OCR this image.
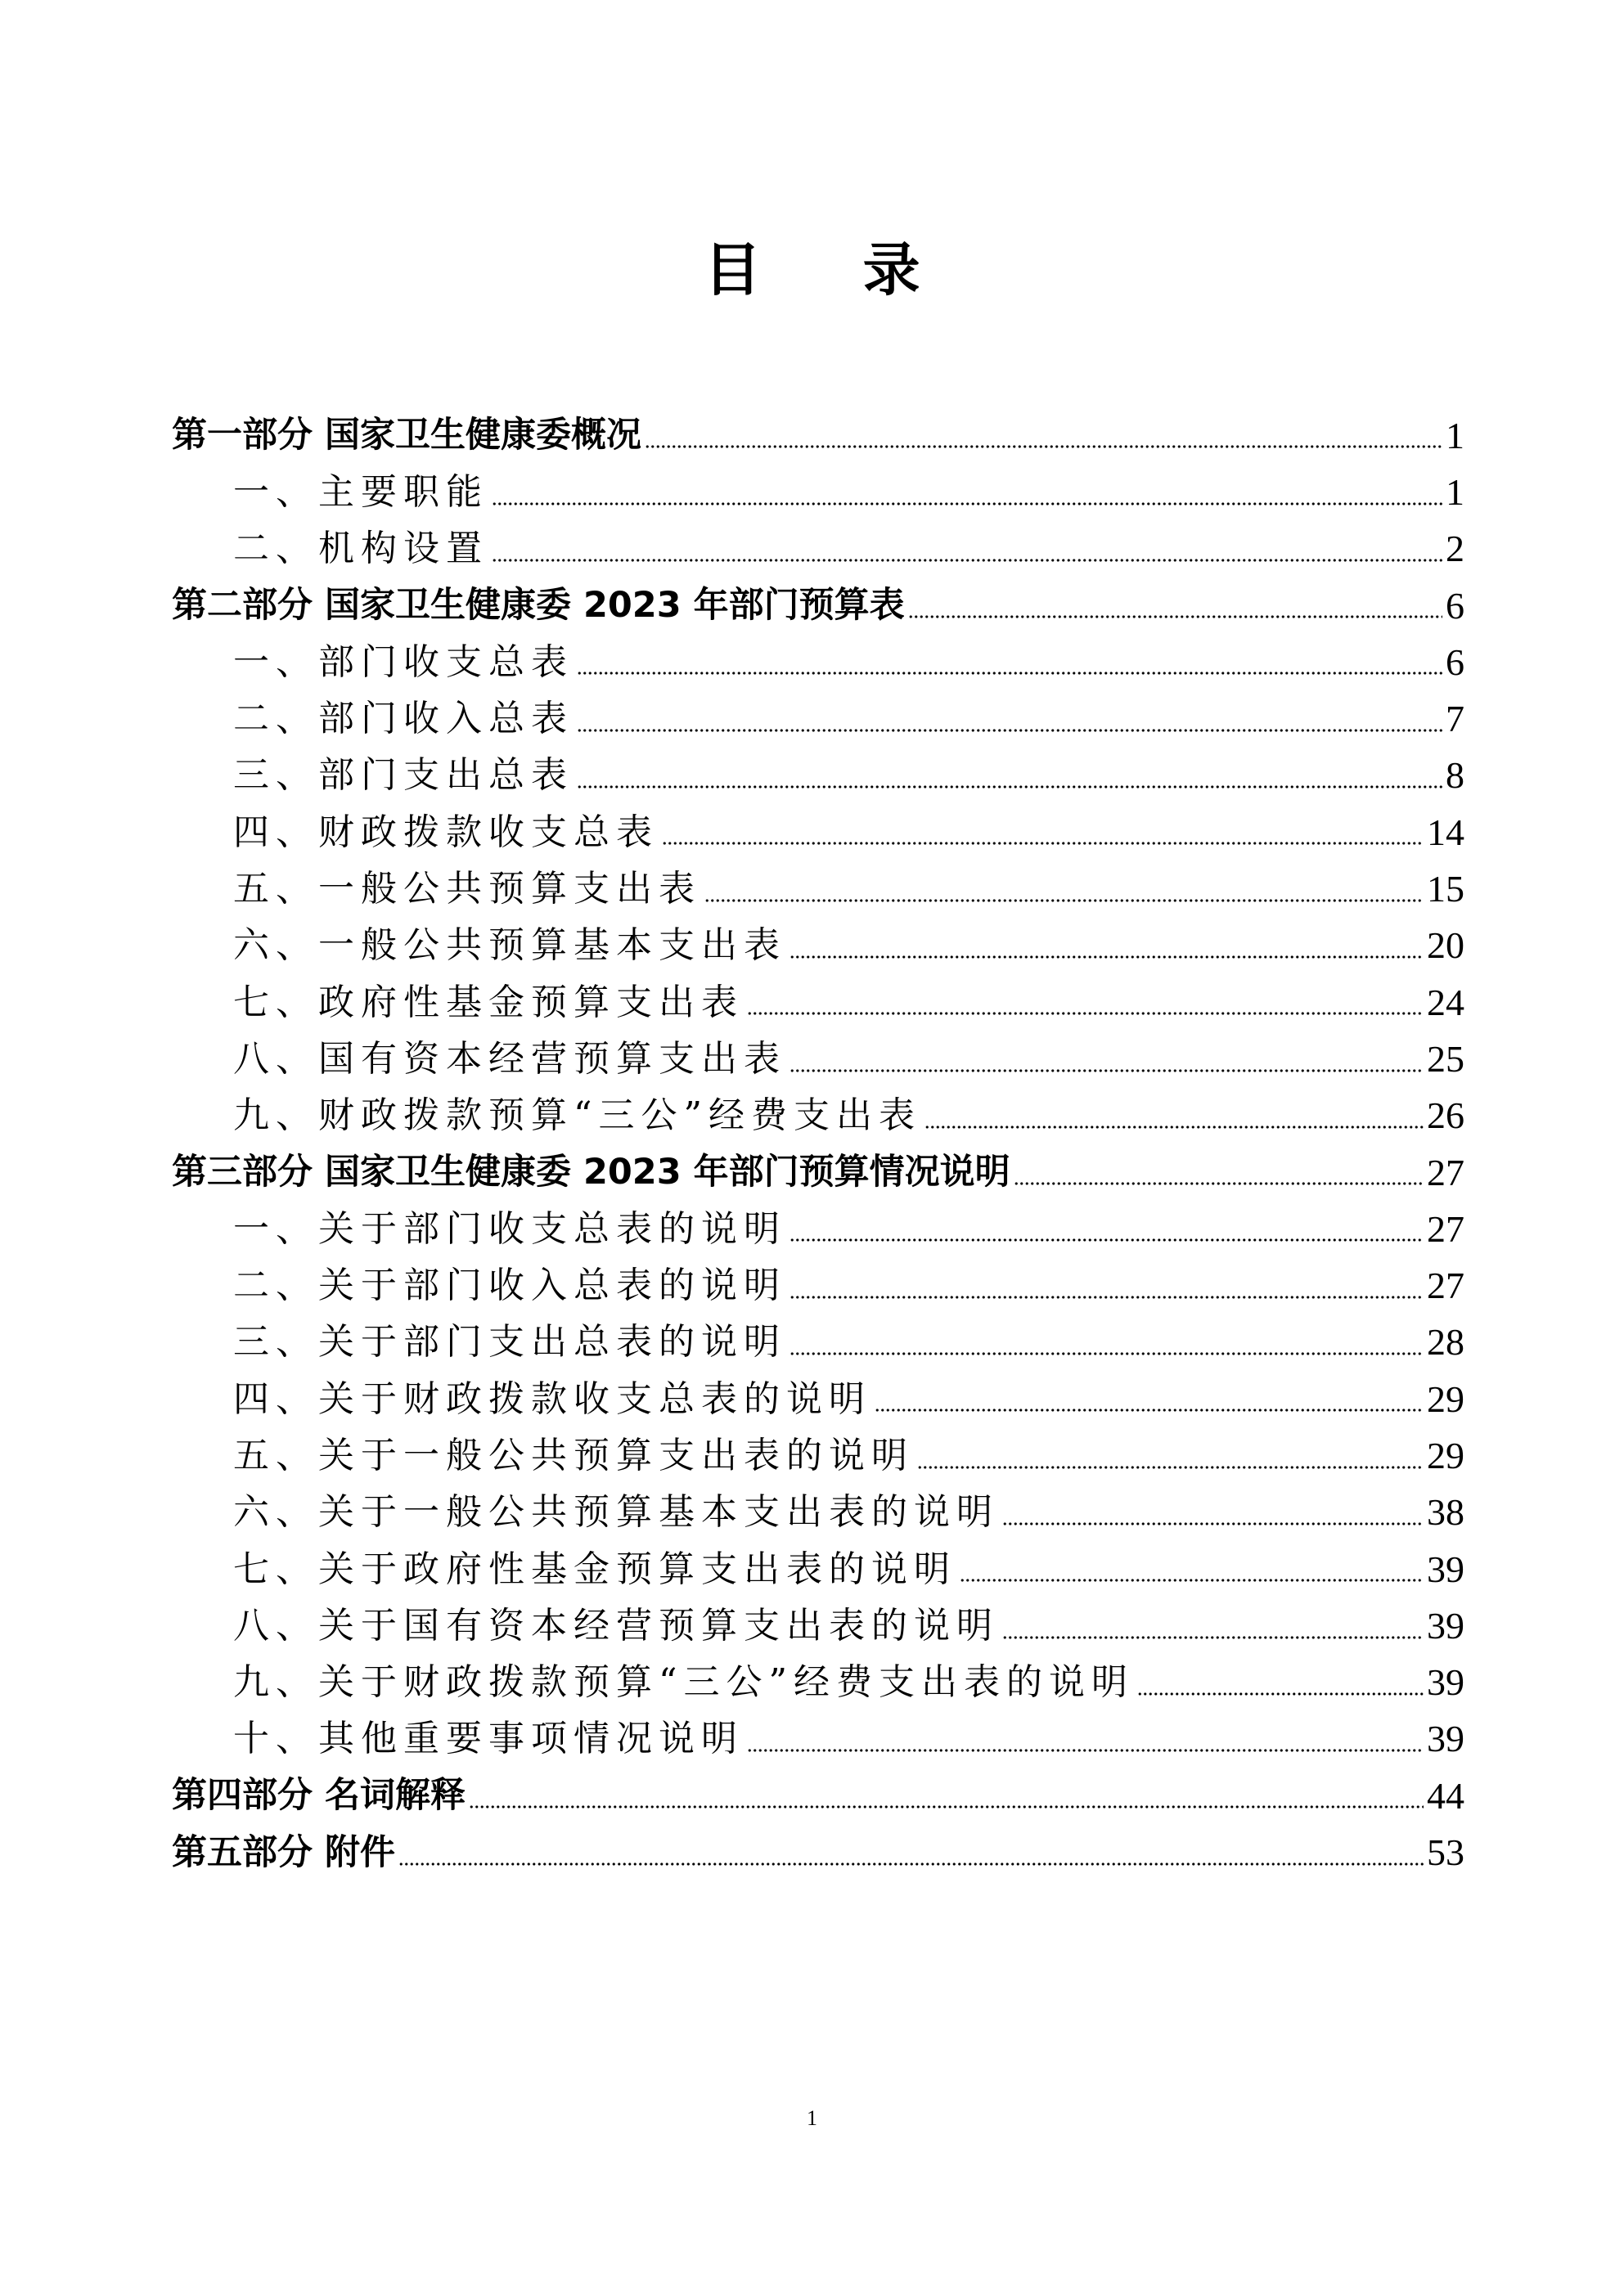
目 录
第一部分 国家卫生健康委概况	1
一、主要职能	1
二、机构设置	2
第二部分 国家卫生健康委 2023 年部门预算表	6
一、部门收支总表	6
二、部门收入总表	7
三、部门支出总表	8
四、财政拨款收支总表	14
五、一般公共预算支出表	15
六、一般公共预算基本支出表	20
七、政府性基金预算支出表	24
八、国有资本经营预算支出表	25
九、财政拨款预算“三公”经费支出表	26
第三部分 国家卫生健康委 2023 年部门预算情况说明	27
一、关于部门收支总表的说明	27
二、关于部门收入总表的说明	27
三、关于部门支出总表的说明	28
四、关于财政拨款收支总表的说明	29
五、关于一般公共预算支出表的说明	29
六、关于一般公共预算基本支出表的说明	38
七、关于政府性基金预算支出表的说明	39
八、关于国有资本经营预算支出表的说明	39
九、关于财政拨款预算“三公”经费支出表的说明	39
十、其他重要事项情况说明	39
第四部分 名词解释	44
第五部分 附件	53
1
